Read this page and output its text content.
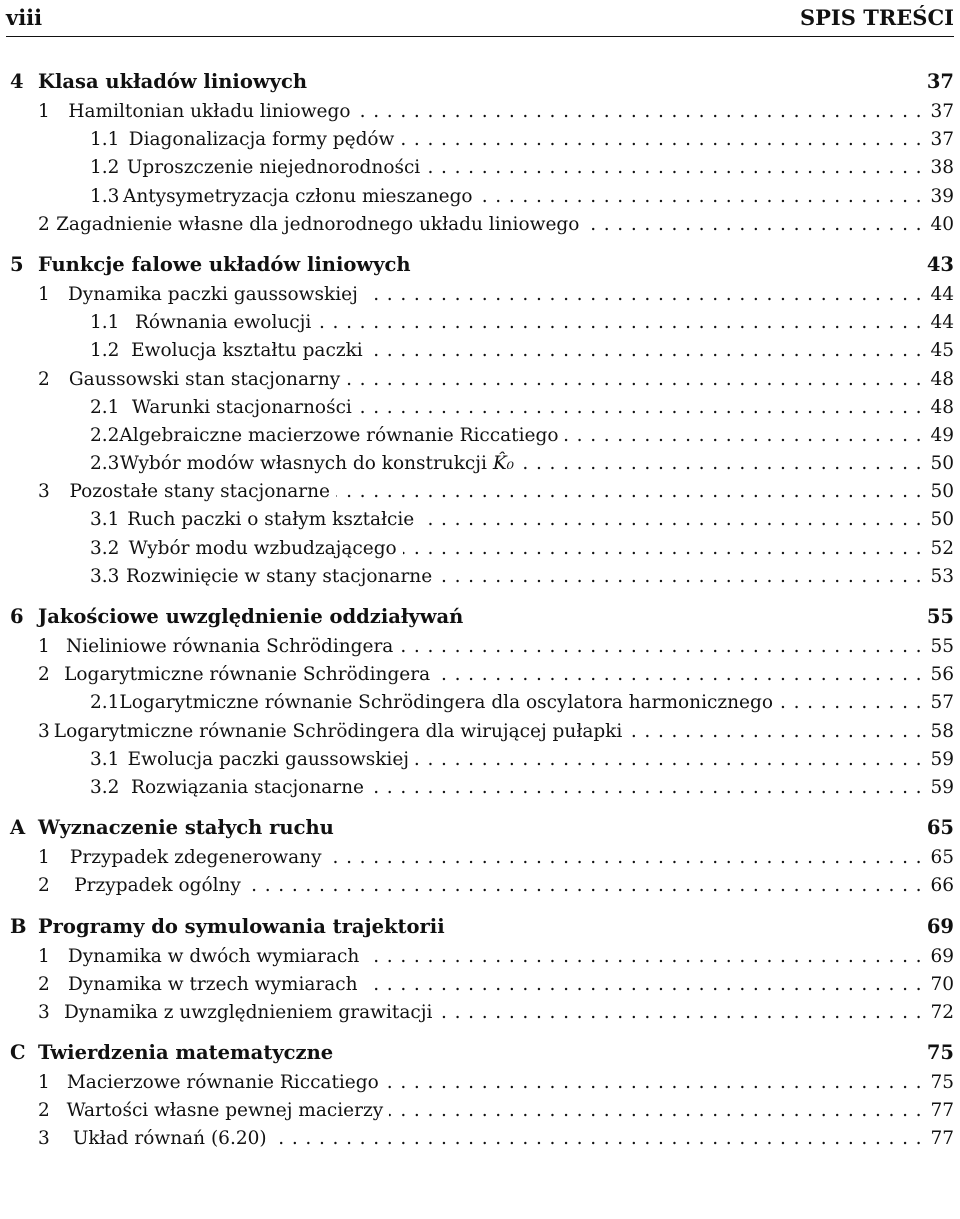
viii	SPIS TREŚCI
4 Klasa układów liniowych	37
1	Hamiltonian układu liniowego . . .	37
1.1 Diagonalizacja formy pędów . . .	37
1.2 Uproszczenie niejednorodności . . .	38
1.3 Antysymetryzacja członu mieszanego . . .	39
2 Zagadnienie własne dla jednorodnego układu liniowego . . .	40
5 Funkcje falowe układów liniowych	43
1 Dynamika paczki gaussowskiej . . .	44
1.1 Równania ewolucji . . .	44
1.2 Ewolucja kształtu paczki . . .	45
2	Gaussowski stan stacjonarny . . .	48
2.1 Warunki stacjonarności . . .	48
2.2 Algebraiczne macierzowe równanie Riccatiego . . .	49
2.3 Wybór modów własnych do konstrukcji K̂₀ . . .	50
3	Pozostałe stany stacjonarne . . .	50
3.1 Ruch paczki o stałym kształcie . . .	50
3.2 Wybór modu wzbudzającego . . .	52
3.3 Rozwinięcie w stany stacjonarne . . .	53
6 Jakościowe uwzględnienie oddziaływań	55
1 Nieliniowe równania Schrödingera . . .	55
2 Logarytmiczne równanie Schrödingera . . .	56
2.1 Logarytmiczne równanie Schrödingera dla oscylatora harmonicznego . . .	57
3 Logarytmiczne równanie Schrödingera dla wirującej pułapki . . .	58
3.1 Ewolucja paczki gaussowskiej . . .	59
3.2 Rozwiązania stacjonarne . . .	59
A Wyznaczenie stałych ruchu	65
1	Przypadek zdegenerowany . . .	65
2	Przypadek ogólny . . .	66
B Programy do symulowania trajektorii	69
1 Dynamika w dwóch wymiarach . . .	69
2 Dynamika w trzech wymiarach . . .	70
3 Dynamika z uwzględnieniem grawitacji . . .	72
C Twierdzenia matematyczne	75
1 Macierzowe równanie Riccatiego . . .	75
2 Wartości własne pewnej macierzy . . .	77
3	Układ równań (6.20) . . .	77
